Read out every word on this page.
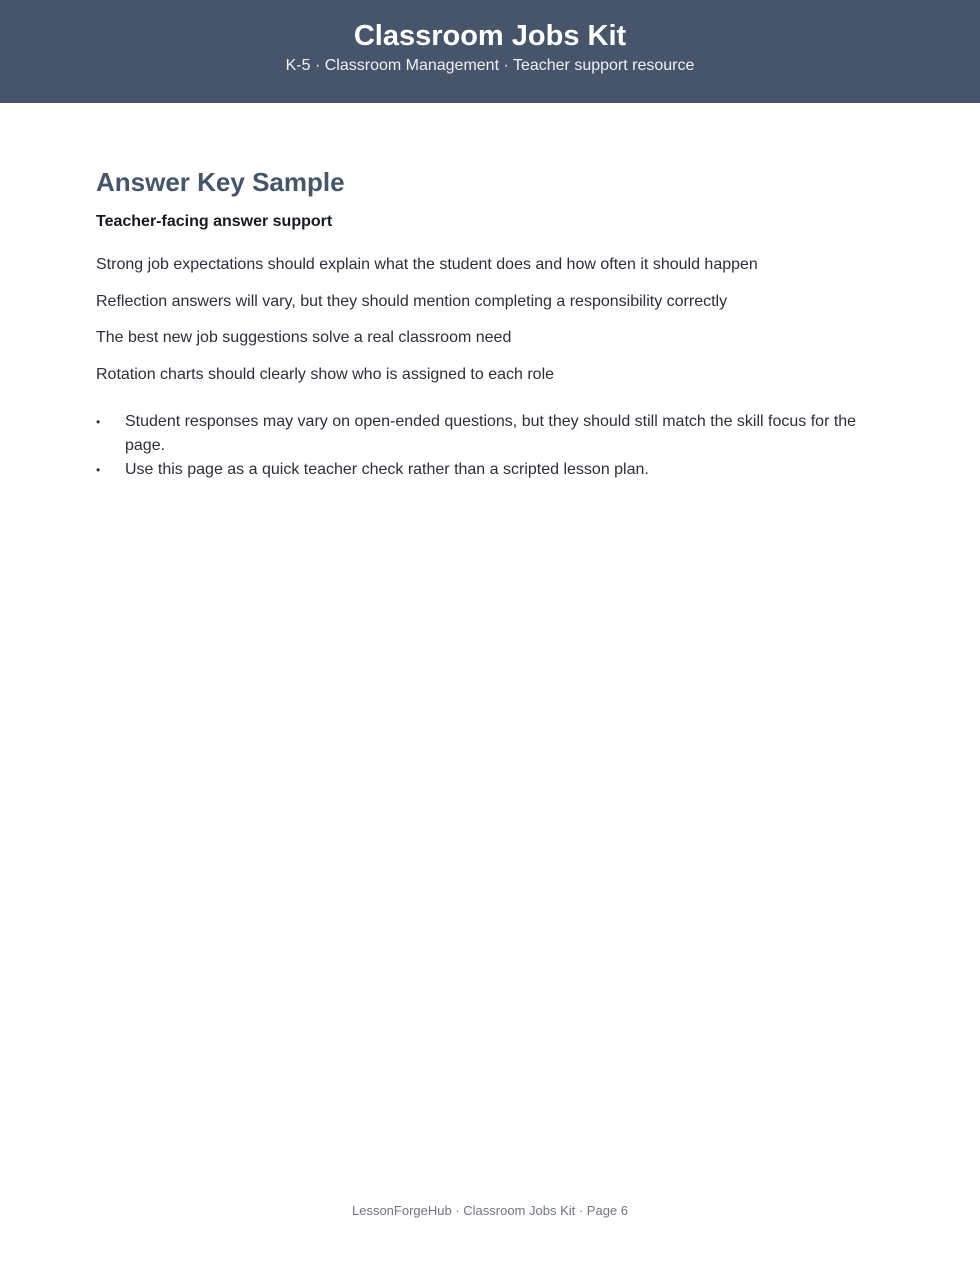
Classroom Jobs Kit
K-5 · Classroom Management · Teacher support resource
Answer Key Sample
Teacher-facing answer support

Strong job expectations should explain what the student does and how often it should happen

Reflection answers will vary, but they should mention completing a responsibility correctly

The best new job suggestions solve a real classroom need

Rotation charts should clearly show who is assigned to each role

•	Student responses may vary on open-ended questions, but they should still match the skill focus for the page.
•	Use this page as a quick teacher check rather than a scripted lesson plan.
LessonForgeHub · Classroom Jobs Kit · Page 6
